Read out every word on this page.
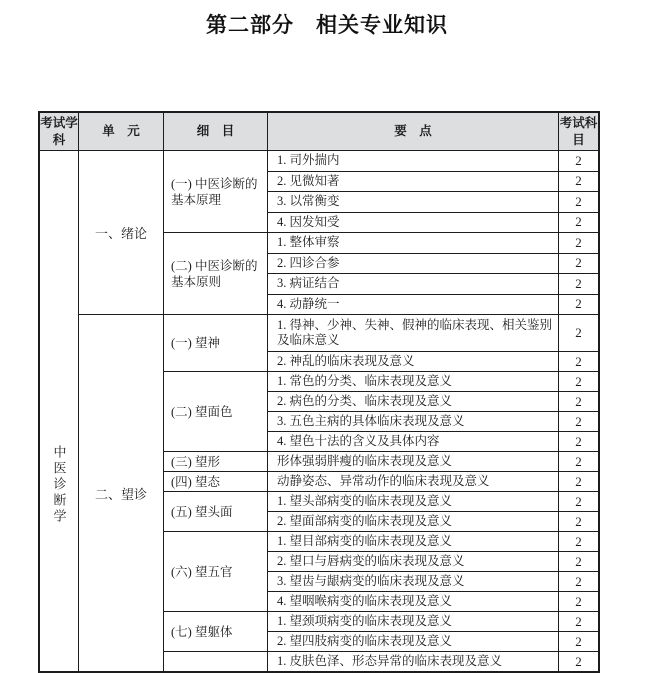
第二部分　相关专业知识
考试学科
单　元	细　目	要　点
考试科目
中医诊断学
一、绪论
(一) 中医诊断的基本原理
1. 司外揣内	2
2. 见微知著	2
3. 以常衡变	2
4. 因发知受	2
(二) 中医诊断的基本原则
1. 整体审察	2
2. 四诊合参	2
3. 病证结合	2
4. 动静统一	2
二、望诊
(一) 望神
1. 得神、少神、失神、假神的临床表现、相关鉴别及临床意义	2
2. 神乱的临床表现及意义	2
(二) 望面色
1. 常色的分类、临床表现及意义	2
2. 病色的分类、临床表现及意义	2
3. 五色主病的具体临床表现及意义	2
4. 望色十法的含义及具体内容	2
(三) 望形	形体强弱胖瘦的临床表现及意义	2
(四) 望态	动静姿态、异常动作的临床表现及意义	2
(五) 望头面
1. 望头部病变的临床表现及意义	2
2. 望面部病变的临床表现及意义	2
(六) 望五官
1. 望目部病变的临床表现及意义	2
2. 望口与唇病变的临床表现及意义	2
3. 望齿与龈病变的临床表现及意义	2
4. 望咽喉病变的临床表现及意义	2
(七) 望躯体
1. 望颈项病变的临床表现及意义	2
2. 望四肢病变的临床表现及意义	2
1. 皮肤色泽、形态异常的临床表现及意义	2
